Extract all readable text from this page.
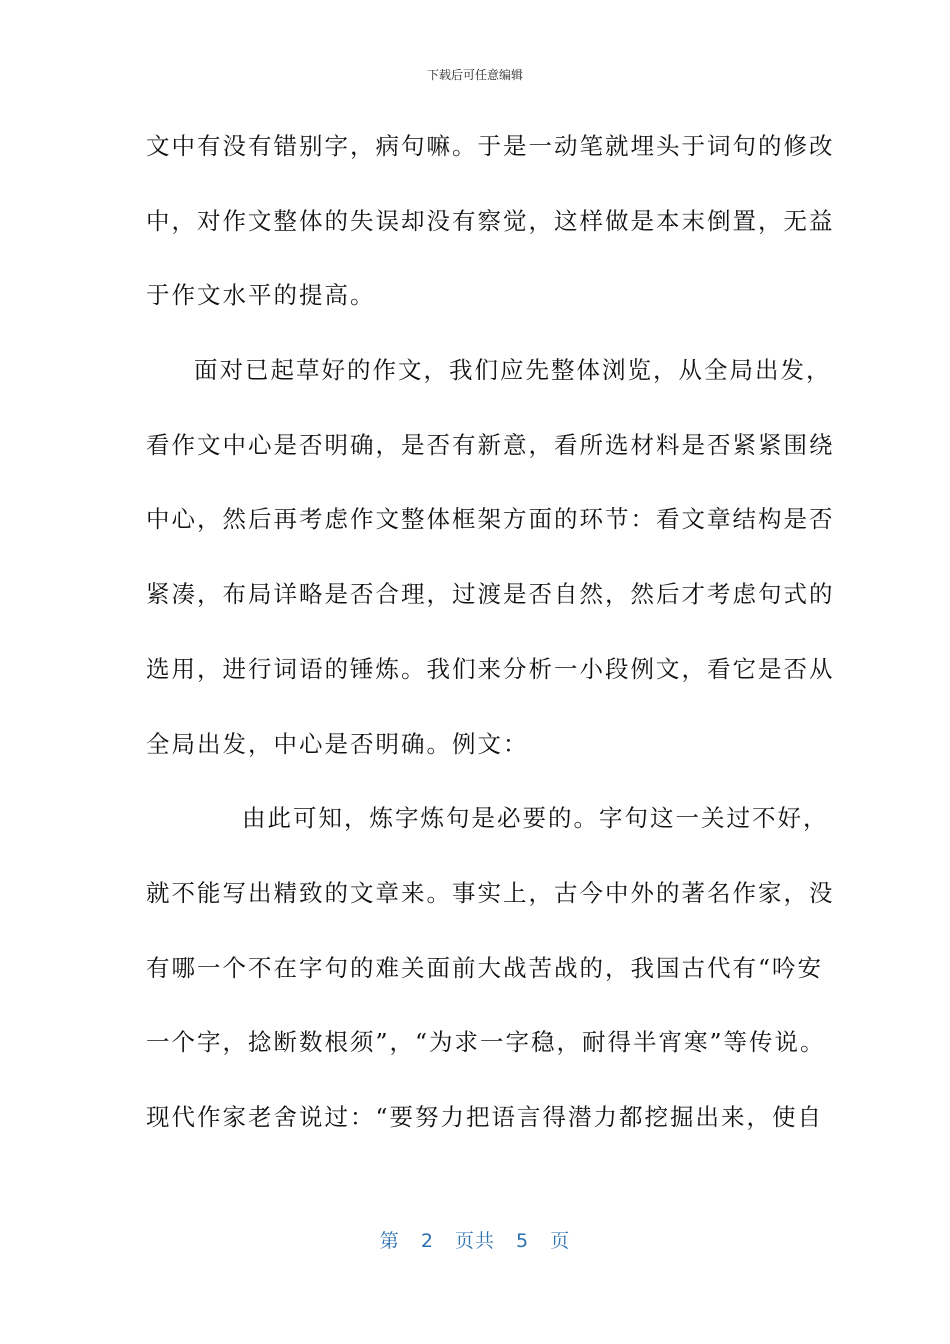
下载后可任意编辑
文中有没有错别字，病句嘛。于是一动笔就埋头于词句的修改
中，对作文整体的失误却没有察觉，这样做是本末倒置，无益
于作文水平的提高。
面对已起草好的作文，我们应先整体浏览，从全局出发，
看作文中心是否明确，是否有新意，看所选材料是否紧紧围绕
中心，然后再考虑作文整体框架方面的环节：看文章结构是否
紧凑，布局详略是否合理，过渡是否自然，然后才考虑句式的
选用，进行词语的锤炼。我们来分析一小段例文，看它是否从
全局出发，中心是否明确。例文：
由此可知，炼字炼句是必要的。字句这一关过不好，
就不能写出精致的文章来。事实上，古今中外的著名作家，没
有哪一个不在字句的难关面前大战苦战的，我国古代有“吟安
一个字，捻断数根须”，“为求一字稳，耐得半宵寒”等传说。
现代作家老舍说过：“要努力把语言得潜力都挖掘出来，使自
第 2 页共 5 页
